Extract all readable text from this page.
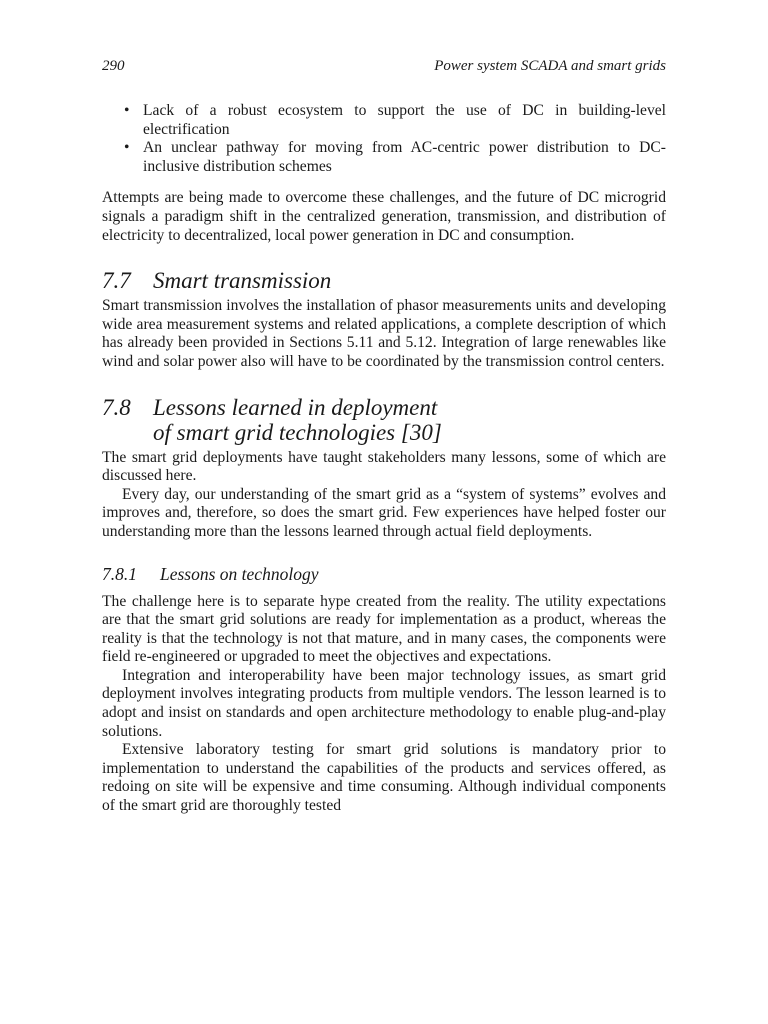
290	Power system SCADA and smart grids
• Lack of a robust ecosystem to support the use of DC in building-level electrification
• An unclear pathway for moving from AC-centric power distribution to DC-inclusive distribution schemes

Attempts are being made to overcome these challenges, and the future of DC microgrid signals a paradigm shift in the centralized generation, transmission, and distribution of electricity to decentralized, local power generation in DC and consumption.

7.7 Smart transmission

Smart transmission involves the installation of phasor measurements units and developing wide area measurement systems and related applications, a complete description of which has already been provided in Sections 5.11 and 5.12. Integration of large renewables like wind and solar power also will have to be coordinated by the transmission control centers.

7.8 Lessons learned in deployment
of smart grid technologies [30]

The smart grid deployments have taught stakeholders many lessons, some of which are discussed here.

Every day, our understanding of the smart grid as a “system of systems” evolves and improves and, therefore, so does the smart grid. Few experiences have helped foster our understanding more than the lessons learned through actual field deployments.

7.8.1 Lessons on technology

The challenge here is to separate hype created from the reality. The utility expectations are that the smart grid solutions are ready for implementation as a product, whereas the reality is that the technology is not that mature, and in many cases, the components were field re-engineered or upgraded to meet the objectives and expectations.

Integration and interoperability have been major technology issues, as smart grid deployment involves integrating products from multiple vendors. The lesson learned is to adopt and insist on standards and open architecture methodology to enable plug-and-play solutions.

Extensive laboratory testing for smart grid solutions is mandatory prior to implementation to understand the capabilities of the products and services offered, as redoing on site will be expensive and time consuming. Although individual components of the smart grid are thoroughly tested
